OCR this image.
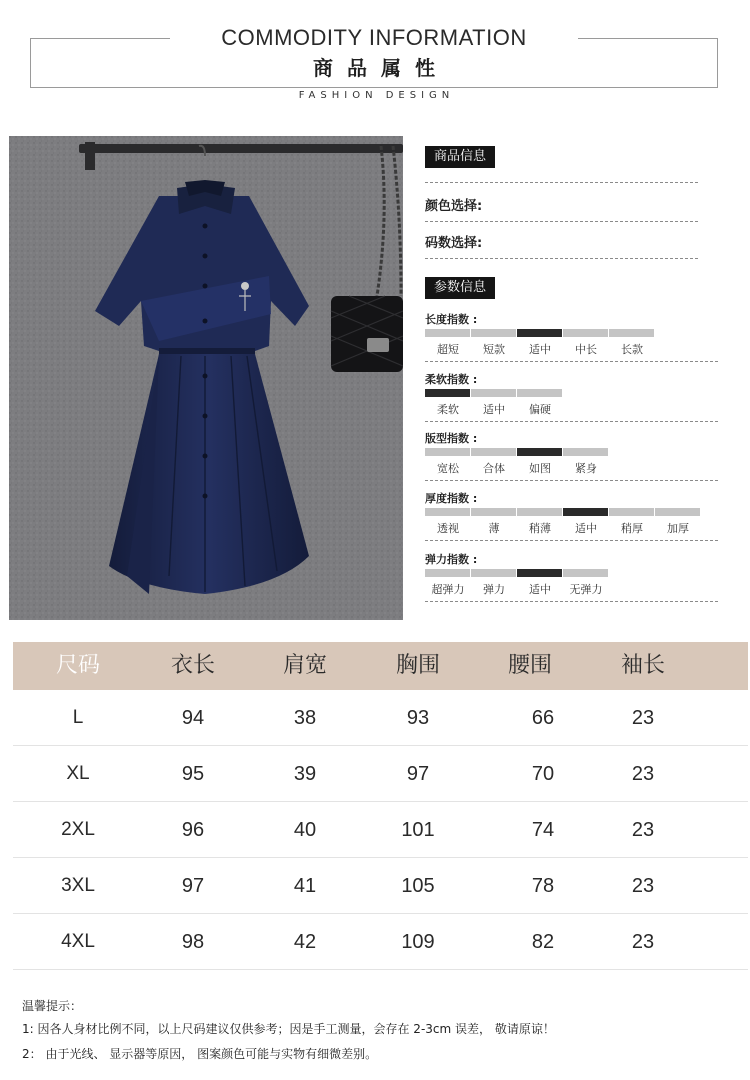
COMMODITY INFORMATION
商品属性
FASHION DESIGN
商品信息
颜色选择:
码数选择:
参数信息
长度指数 :
超短	短款	适中	中长	长款
柔软指数 :
柔软	适中	偏硬
版型指数 :
宽松	合体	如图	紧身
厚度指数 :
透视	薄	稍薄	适中	稍厚	加厚
弹力指数 :
超弹力	弹力	适中	无弹力
尺码	衣长	肩宽	胸围	腰围	袖长
L	94	38	93	66	23
XL	95	39	97	70	23
2XL	96	40	101	74	23
3XL	97	41	105	78	23
4XL	98	42	109	82	23
温馨提示：
1: 因各人身材比例不同，以上尺码建议仅供参考；因是手工测量，会存在 2-3cm 误差， 敬请原谅！
2： 由于光线、 显示器等原因， 图案颜色可能与实物有细微差别。
